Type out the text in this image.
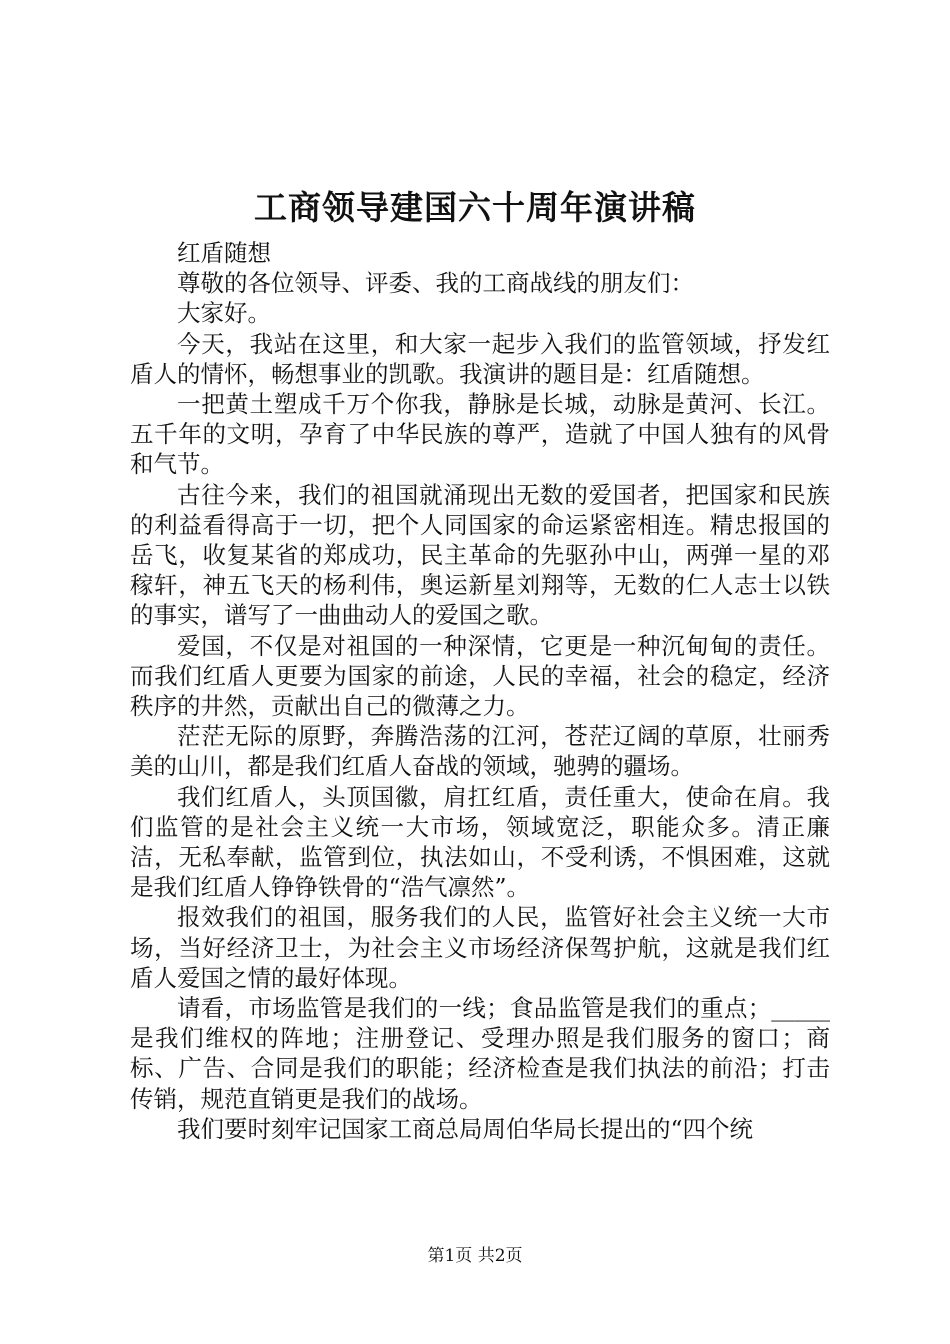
工商领导建国六十周年演讲稿

红盾随想

尊敬的各位领导、评委、我的工商战线的朋友们：

大家好。

今天，我站在这里，和大家一起步入我们的监管领域，抒发红盾人的情怀，畅想事业的凯歌。我演讲的题目是：红盾随想。

一把黄土塑成千万个你我，静脉是长城，动脉是黄河、长江。五千年的文明，孕育了中华民族的尊严，造就了中国人独有的风骨和气节。

古往今来，我们的祖国就涌现出无数的爱国者，把国家和民族的利益看得高于一切，把个人同国家的命运紧密相连。精忠报国的岳飞，收复某省的郑成功，民主革命的先驱孙中山，两弹一星的邓稼轩，神五飞天的杨利伟，奥运新星刘翔等，无数的仁人志士以铁的事实，谱写了一曲曲动人的爱国之歌。

爱国，不仅是对祖国的一种深情，它更是一种沉甸甸的责任。而我们红盾人更要为国家的前途，人民的幸福，社会的稳定，经济秩序的井然，贡献出自己的微薄之力。

茫茫无际的原野，奔腾浩荡的江河，苍茫辽阔的草原，壮丽秀美的山川，都是我们红盾人奋战的领域，驰骋的疆场。

我们红盾人，头顶国徽，肩扛红盾，责任重大，使命在肩。我们监管的是社会主义统一大市场，领域宽泛，职能众多。清正廉洁，无私奉献，监管到位，执法如山，不受利诱，不惧困难，这就是我们红盾人铮铮铁骨的“浩气凛然”。

报效我们的祖国，服务我们的人民，监管好社会主义统一大市场，当好经济卫士，为社会主义市场经济保驾护航，这就是我们红盾人爱国之情的最好体现。

请看，市场监管是我们的一线；食品监管是我们的重点；_____是我们维权的阵地；注册登记、受理办照是我们服务的窗口；商标、广告、合同是我们的职能；经济检查是我们执法的前沿；打击传销，规范直销更是我们的战场。

我们要时刻牢记国家工商总局周伯华局长提出的“四个统

第1页 共2页
